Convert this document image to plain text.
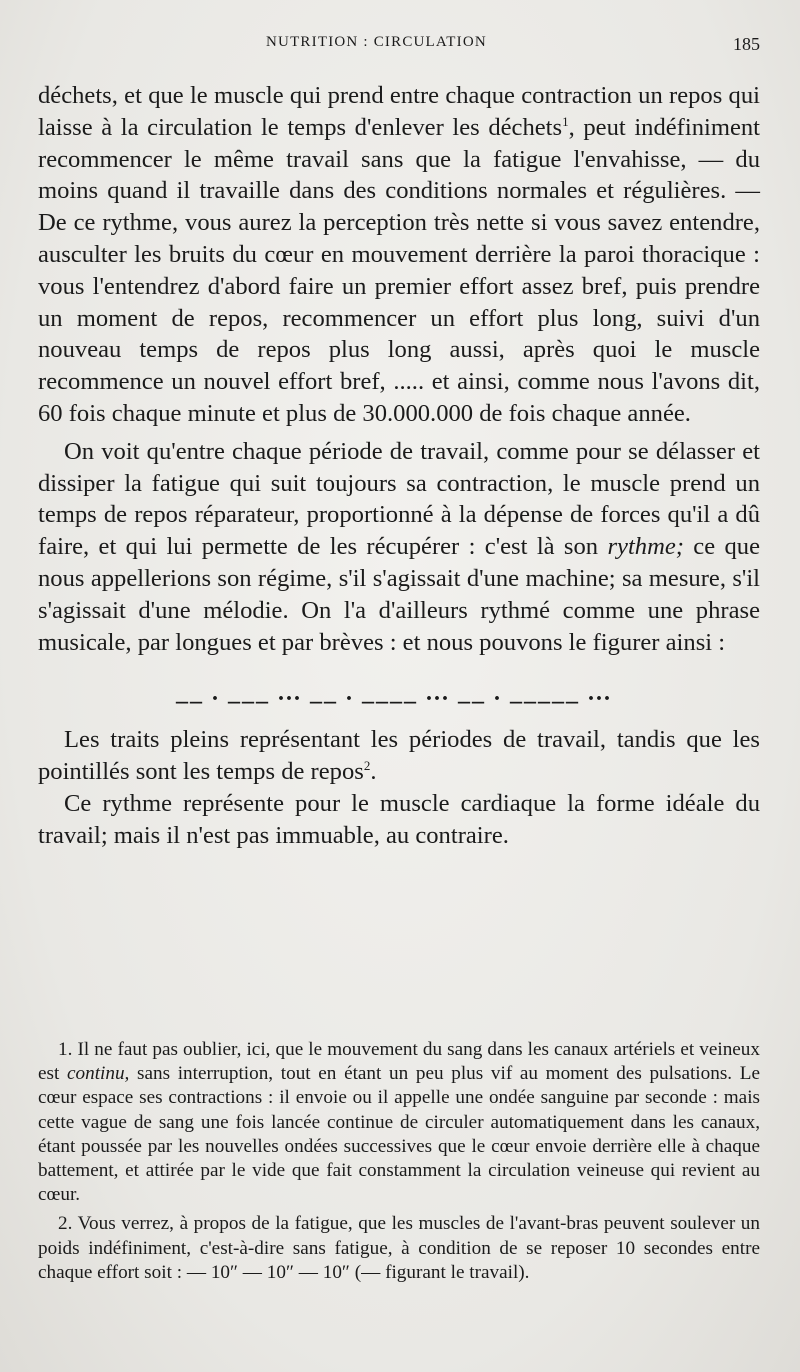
NUTRITION : CIRCULATION	185

déchets, et que le muscle qui prend entre chaque contraction un repos qui laisse à la circulation le temps d'enlever les déchets$^1$, peut indéfiniment recommencer le même travail sans que la fatigue l'envahisse, — du moins quand il travaille dans des conditions normales et régulières. — De ce rythme, vous aurez la perception très nette si vous savez entendre, ausculter les bruits du cœur en mouvement derrière la paroi thoracique : vous l'entendrez d'abord faire un premier effort assez bref, puis prendre un moment de repos, recommencer un effort plus long, suivi d'un nouveau temps de repos plus long aussi, après quoi le muscle recommence un nouvel effort bref, ..... et ainsi, comme nous l'avons dit, 60 fois chaque minute et plus de 30.000.000 de fois chaque année.

On voit qu'entre chaque période de travail, comme pour se délasser et dissiper la fatigue qui suit toujours sa contraction, le muscle prend un temps de repos réparateur, proportionné à la dépense de forces qu'il a dû faire, et qui lui permette de les récupérer : c'est là son rythme; ce que nous appellerions son régime, s'il s'agissait d'une machine; sa mesure, s'il s'agissait d'une mélodie. On l'a d'ailleurs rythmé comme une phrase musicale, par longues et par brèves : et nous pouvons le figurer ainsi :

__ . ___ ... __ . ____ ... __ . _____ ...

Les traits pleins représentant les périodes de travail, tandis que les pointillés sont les temps de repos$^2$.

Ce rythme représente pour le muscle cardiaque la forme idéale du travail; mais il n'est pas immuable, au contraire.

1. Il ne faut pas oublier, ici, que le mouvement du sang dans les canaux artériels et veineux est continu, sans interruption, tout en étant un peu plus vif au moment des pulsations. Le cœur espace ses contractions : il envoie ou il appelle une ondée sanguine par seconde : mais cette vague de sang une fois lancée continue de circuler automatiquement dans les canaux, étant poussée par les nouvelles ondées successives que le cœur envoie derrière elle à chaque battement, et attirée par le vide que fait constamment la circulation veineuse qui revient au cœur.

2. Vous verrez, à propos de la fatigue, que les muscles de l'avant-bras peuvent soulever un poids indéfiniment, c'est-à-dire sans fatigue, à condition de se reposer 10 secondes entre chaque effort soit : — 10″ — 10″ — 10″ (— figurant le travail).
